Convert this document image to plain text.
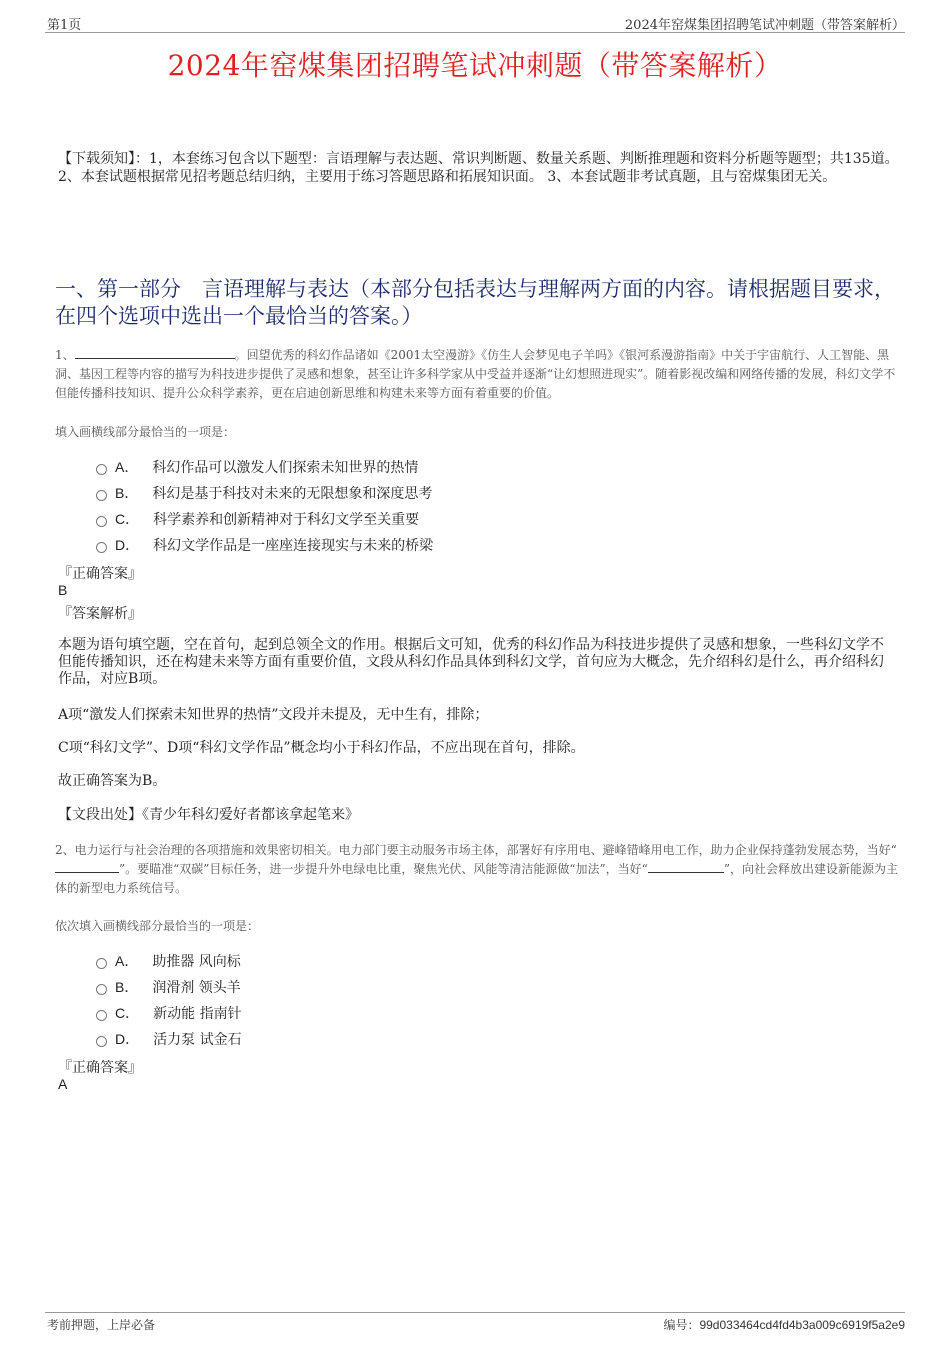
第1页	2024年窑煤集团招聘笔试冲刺题（带答案解析）
2024年窑煤集团招聘笔试冲刺题（带答案解析）
【下载须知】：1，本套练习包含以下题型：言语理解与表达题、常识判断题、数量关系题、判断推理题和资料分析题等题型；共135道。 2、本套试题根据常见招考题总结归纳，主要用于练习答题思路和拓展知识面。 3、本套试题非考试真题，且与窑煤集团无关。
一、第一部分　言语理解与表达（本部分包括表达与理解两方面的内容。请根据题目要求，在四个选项中选出一个最恰当的答案。）
1、	。回望优秀的科幻作品诸如《2001太空漫游》《仿生人会梦见电子羊吗》《银河系漫游指南》中关于宇宙航行、人工智能、黑洞、基因工程等内容的描写为科技进步提供了灵感和想象，甚至让许多科学家从中受益并逐渐“让幻想照进现实”。随着影视改编和网络传播的发展，科幻文学不但能传播科技知识、提升公众科学素养，更在启迪创新思维和构建未来等方面有着重要的价值。
填入画横线部分最恰当的一项是：
A． 科幻作品可以激发人们探索未知世界的热情
B． 科幻是基于科技对未来的无限想象和深度思考
C． 科学素养和创新精神对于科幻文学至关重要
D． 科幻文学作品是一座座连接现实与未来的桥梁
『正确答案』
B
『答案解析』
本题为语句填空题，空在首句，起到总领全文的作用。根据后文可知，优秀的科幻作品为科技进步提供了灵感和想象，一些科幻文学不但能传播知识，还在构建未来等方面有重要价值，文段从科幻作品具体到科幻文学，首句应为大概念，先介绍科幻是什么，再介绍科幻作品，对应B项。
A项“激发人们探索未知世界的热情”文段并未提及，无中生有，排除；
C项“科幻文学”、D项“科幻文学作品”概念均小于科幻作品，不应出现在首句，排除。
故正确答案为B。
【文段出处】《青少年科幻爱好者都该拿起笔来》
2、电力运行与社会治理的各项措施和效果密切相关。电力部门要主动服务市场主体，部署好有序用电、避峰错峰用电工作，助力企业保持蓬勃发展态势，当好“”。要瞄准“双碳”目标任务，进一步提升外电绿电比重，聚焦光伏、风能等清洁能源做“加法”，当好“	”，向社会释放出建设新能源为主体的新型电力系统信号。
依次填入画横线部分最恰当的一项是：
A． 助推器 风向标
B． 润滑剂 领头羊
C． 新动能 指南针
D． 活力泵 试金石
『正确答案』
A
考前押题，上岸必备	编号：99d033464cd4fd4b3a009c6919f5a2e9
